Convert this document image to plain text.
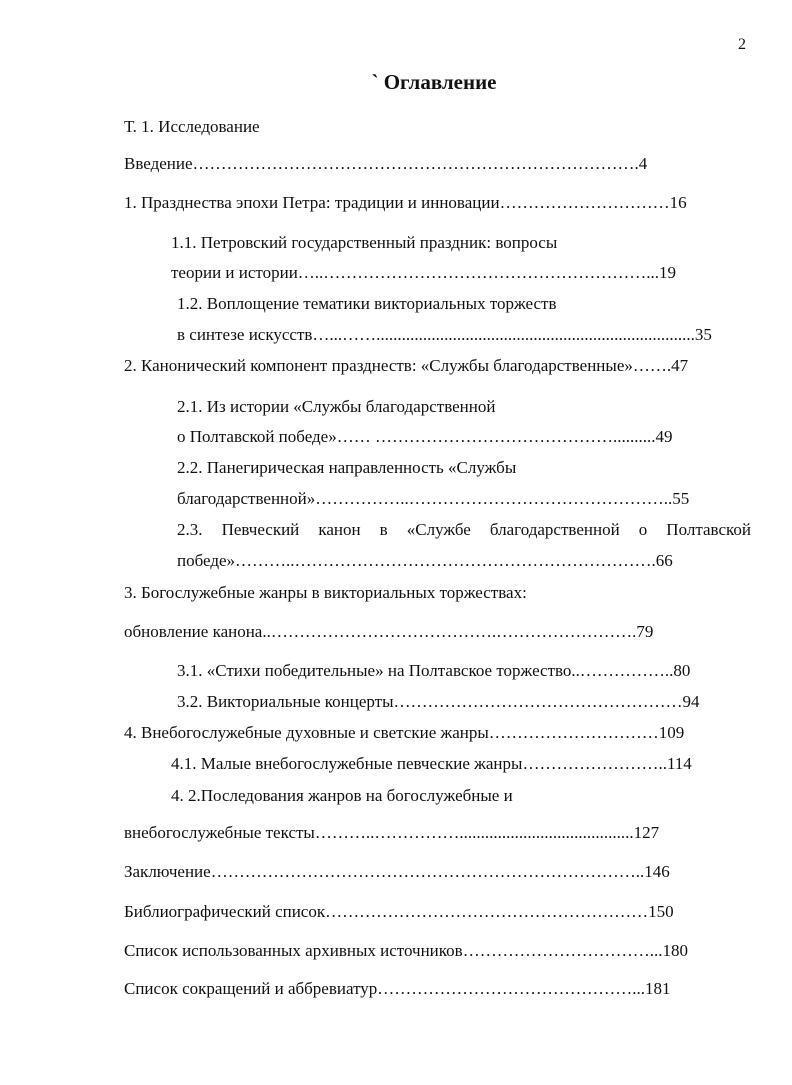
2
` Оглавление
Т. 1. Исследование
Введение…………………………………………………………………….4
1. Празднества эпохи Петра: традиции и инновации…………………………16
1.1. Петровский государственный праздник: вопросы
теории и истории…..…………………………………………………...19
1.2. Воплощение тематики викториальных торжеств
в синтезе искусств…...……...........................................................................35
2. Канонический компонент празднеств: «Службы благодарственные»…….47
2.1. Из истории «Службы благодарственной
о Полтавской победе»…… ……………………………………..........49
2.2. Панегирическая направленность «Службы
благодарственной»……………..………………………………………..55
2.3. Певческий канон в «Службе благодарственной о Полтавской
победе»………..……………………………………………………….66
3. Богослужебные жанры в викториальных торжествах:
обновление канона..………………………………….…………………….79
3.1. «Стихи победительные» на Полтавское торжество..……………..80
3.2. Викториальные концерты……………………………………………94
4. Внебогослужебные духовные и светские жанры…………………………109
4.1. Малые внебогослужебные певческие жанры……………………..114
4. 2.Последования жанров на богослужебные и
внебогослужебные тексты………..…………….........................................127
Заключение…………………………………………………………………..146
Библиографический список…………………………………………………150
Список использованных архивных источников……………………………...180
Список сокращений и аббревиатур………………………………………...181
